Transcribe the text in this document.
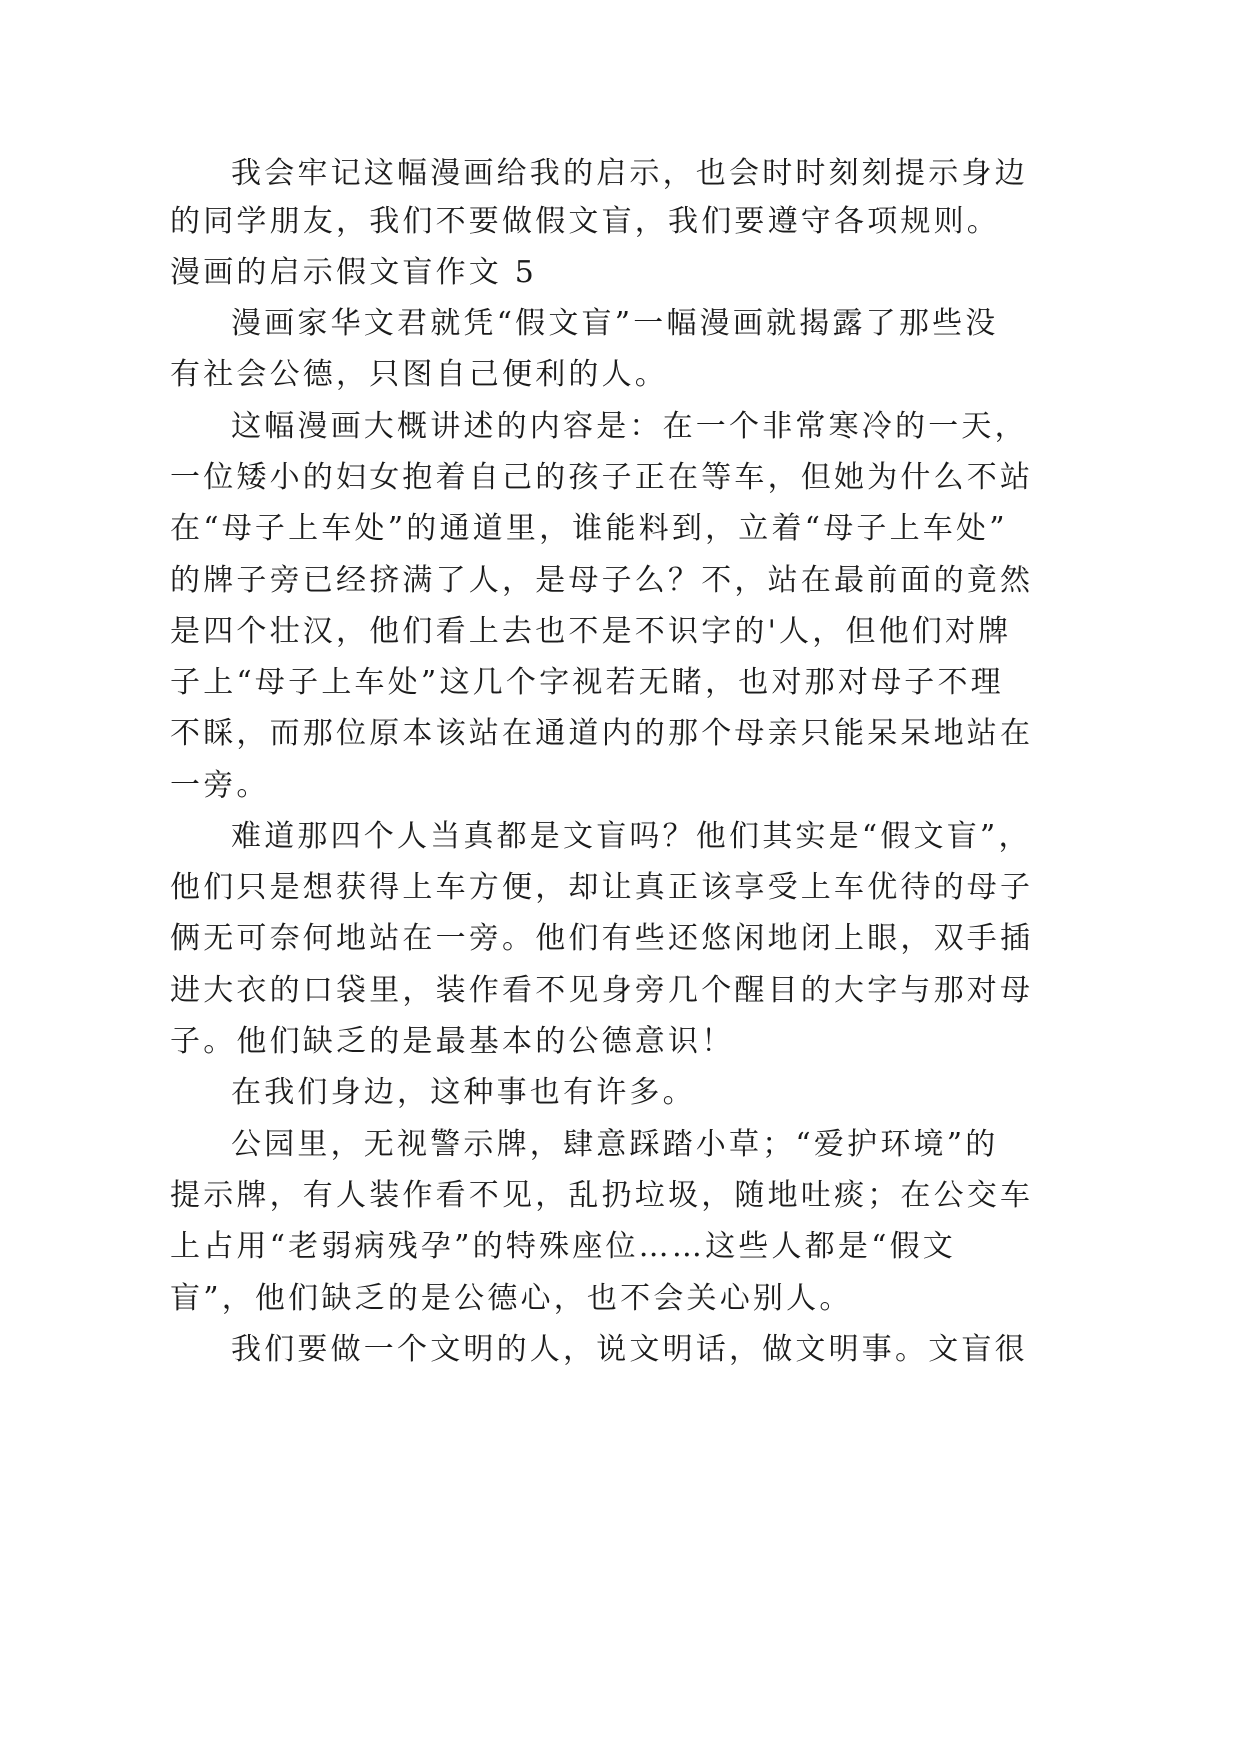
我会牢记这幅漫画给我的启示，也会时时刻刻提示身边
的同学朋友，我们不要做假文盲，我们要遵守各项规则。
漫画的启示假文盲作文 5
漫画家华文君就凭“假文盲”一幅漫画就揭露了那些没
有社会公德，只图自己便利的人。
这幅漫画大概讲述的内容是：在一个非常寒冷的一天，
一位矮小的妇女抱着自己的孩子正在等车，但她为什么不站
在“母子上车处”的通道里，谁能料到，立着“母子上车处”
的牌子旁已经挤满了人，是母子么？不，站在最前面的竟然
是四个壮汉，他们看上去也不是不识字的'人，但他们对牌
子上“母子上车处”这几个字视若无睹，也对那对母子不理
不睬，而那位原本该站在通道内的那个母亲只能呆呆地站在
一旁。
难道那四个人当真都是文盲吗？他们其实是“假文盲”，
他们只是想获得上车方便，却让真正该享受上车优待的母子
俩无可奈何地站在一旁。他们有些还悠闲地闭上眼，双手插
进大衣的口袋里，装作看不见身旁几个醒目的大字与那对母
子。他们缺乏的是最基本的公德意识！
在我们身边，这种事也有许多。
公园里，无视警示牌，肆意踩踏小草；“爱护环境”的
提示牌，有人装作看不见，乱扔垃圾，随地吐痰；在公交车
上占用“老弱病残孕”的特殊座位……这些人都是“假文
盲”，他们缺乏的是公德心，也不会关心别人。
我们要做一个文明的人，说文明话，做文明事。文盲很
